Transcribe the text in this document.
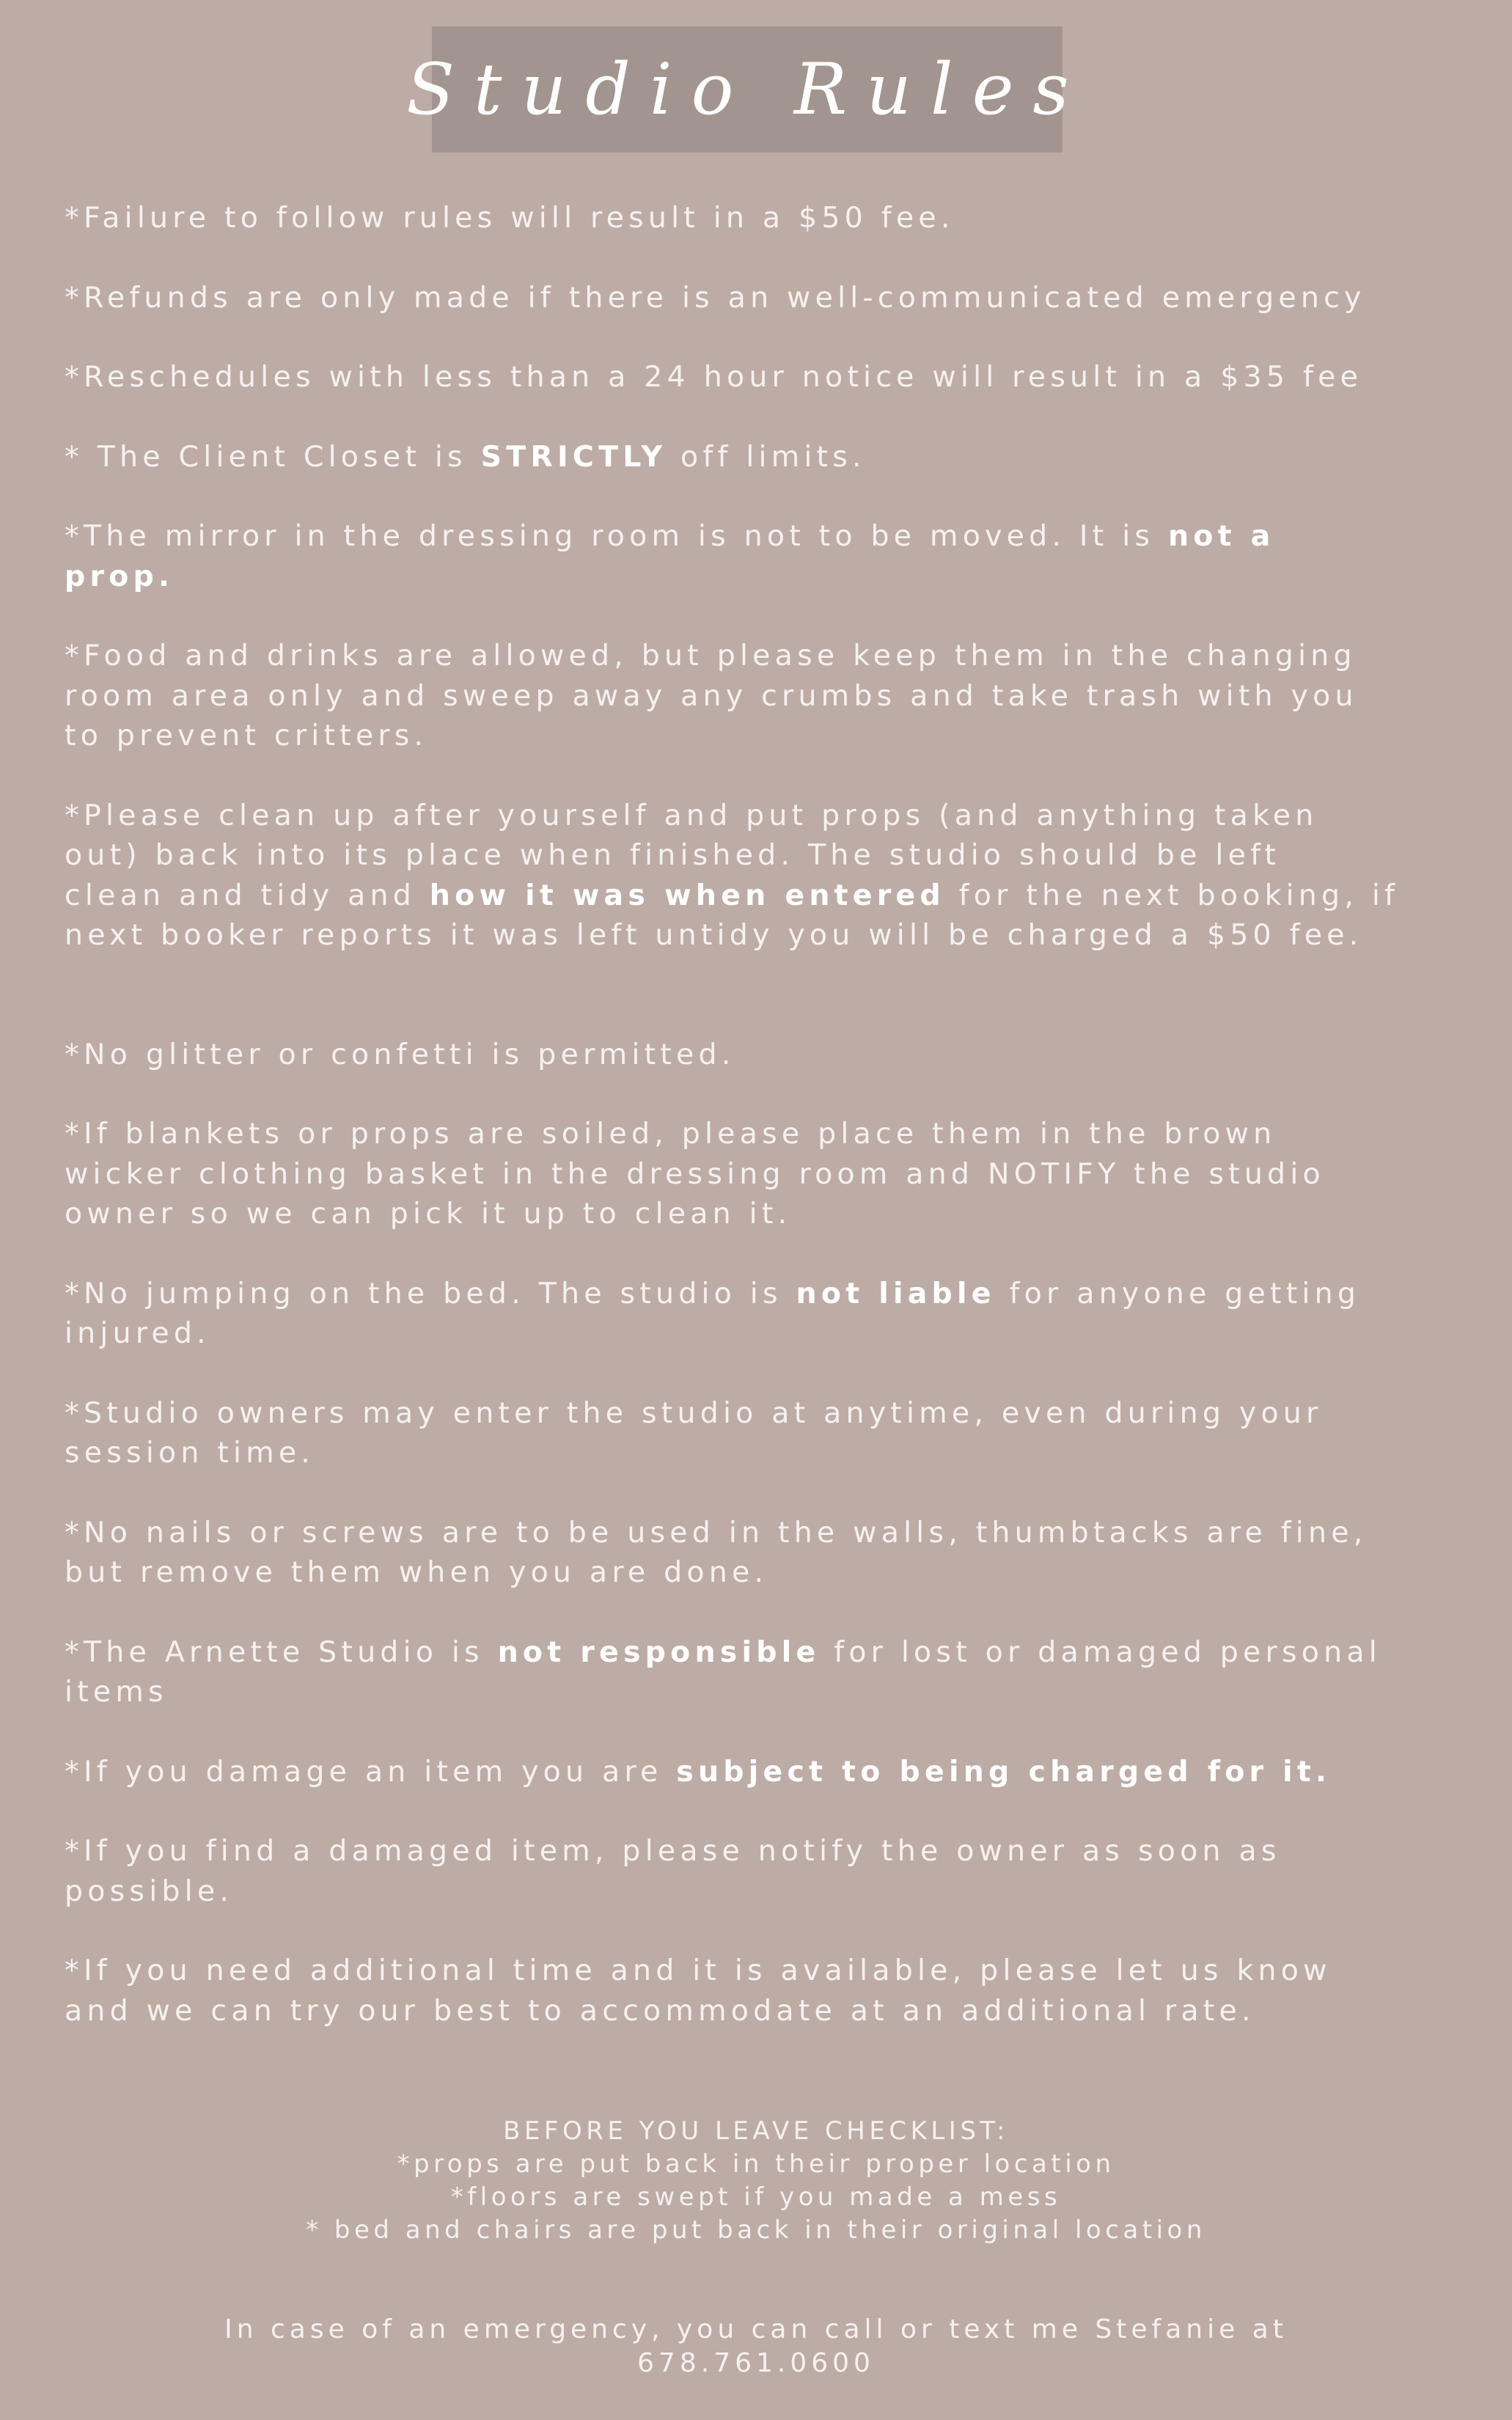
Studio Rules
*Failure to follow rules will result in a $50 fee.
*Refunds are only made if there is an well-communicated emergency
*Reschedules with less than a 24 hour notice will result in a $35 fee
* The Client Closet is STRICTLY off limits.
*The mirror in the dressing room is not to be moved. It is not a
prop.
*Food and drinks are allowed, but please keep them in the changing
room area only and sweep away any crumbs and take trash with you
to prevent critters.
*Please clean up after yourself and put props (and anything taken
out) back into its place when finished. The studio should be left
clean and tidy and how it was when entered for the next booking, if
next booker reports it was left untidy you will be charged a $50 fee.
*No glitter or confetti is permitted.
*If blankets or props are soiled, please place them in the brown
wicker clothing basket in the dressing room and NOTIFY the studio
owner so we can pick it up to clean it.
*No jumping on the bed. The studio is not liable for anyone getting
injured.
*Studio owners may enter the studio at anytime, even during your
session time.
*No nails or screws are to be used in the walls, thumbtacks are fine,
but remove them when you are done.
*The Arnette Studio is not responsible for lost or damaged personal
items
*If you damage an item you are subject to being charged for it.
*If you find a damaged item, please notify the owner as soon as
possible.
*If you need additional time and it is available, please let us know
and we can try our best to accommodate at an additional rate.
BEFORE YOU LEAVE CHECKLIST:
*props are put back in their proper location
*floors are swept if you made a mess
* bed and chairs are put back in their original location
In case of an emergency, you can call or text me Stefanie at
678.761.0600
